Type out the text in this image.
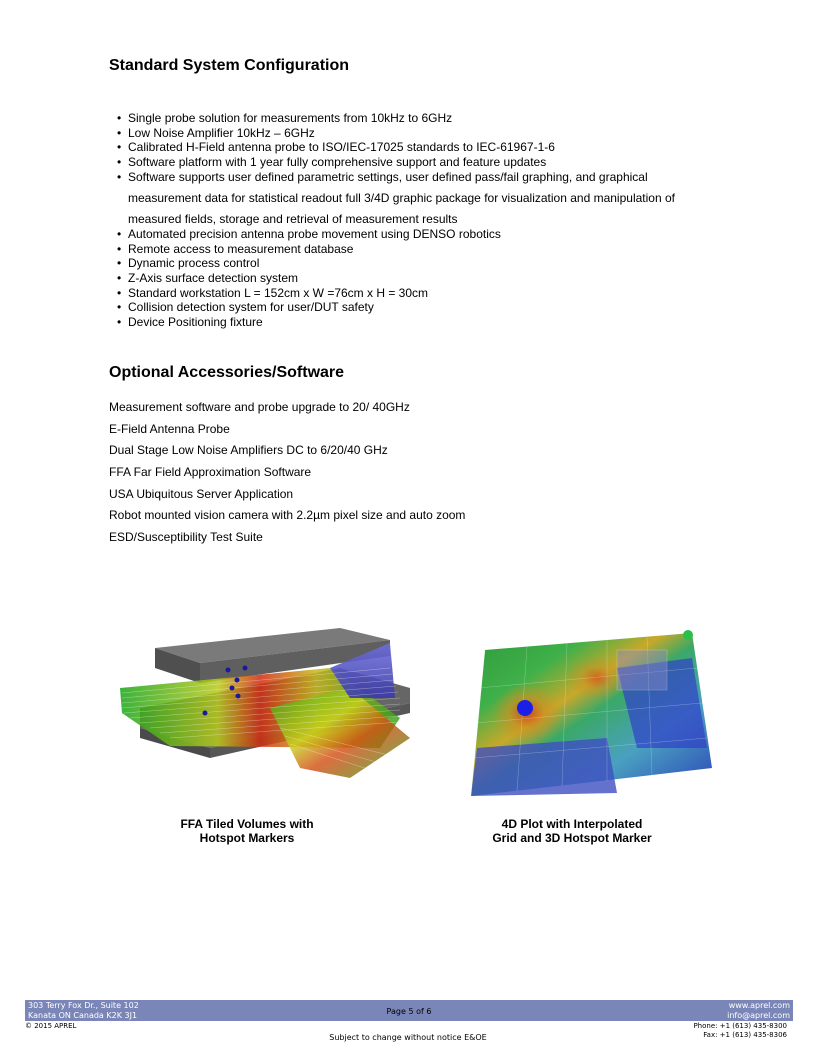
Standard System Configuration
• Single probe solution for measurements from 10kHz to 6GHz
• Low Noise Amplifier 10kHz – 6GHz
• Calibrated H-Field antenna probe to ISO/IEC-17025 standards to IEC-61967-1-6
• Software platform with 1 year fully comprehensive support and feature updates
• Software supports user defined parametric settings, user defined pass/fail graphing, and graphical measurement data for statistical readout full 3/4D graphic package for visualization and manipulation of measured fields, storage and retrieval of measurement results
• Automated precision antenna probe movement using DENSO robotics
• Remote access to measurement database
• Dynamic process control
• Z-Axis surface detection system
• Standard workstation L = 152cm x W =76cm x H = 30cm
• Collision detection system for user/DUT safety
• Device Positioning fixture
Optional Accessories/Software
Measurement software and probe upgrade to 20/ 40GHz
E-Field Antenna Probe
Dual Stage Low Noise Amplifiers DC to 6/20/40 GHz
FFA Far Field Approximation Software
USA Ubiquitous Server Application
Robot mounted vision camera with 2.2µm pixel size and auto zoom
ESD/Susceptibility Test Suite
FFA Tiled Volumes with
Hotspot Markers
4D Plot with Interpolated
Grid and 3D Hotspot Marker
303 Terry Fox Dr., Suite 102
Kanata ON Canada K2K 3J1	Page 5 of 6
www.aprel.com
info@aprel.com
© 2015 APREL	Phone: +1 (613) 435-8300
Fax: +1 (613) 435-8306
Subject to change without notice E&OE
